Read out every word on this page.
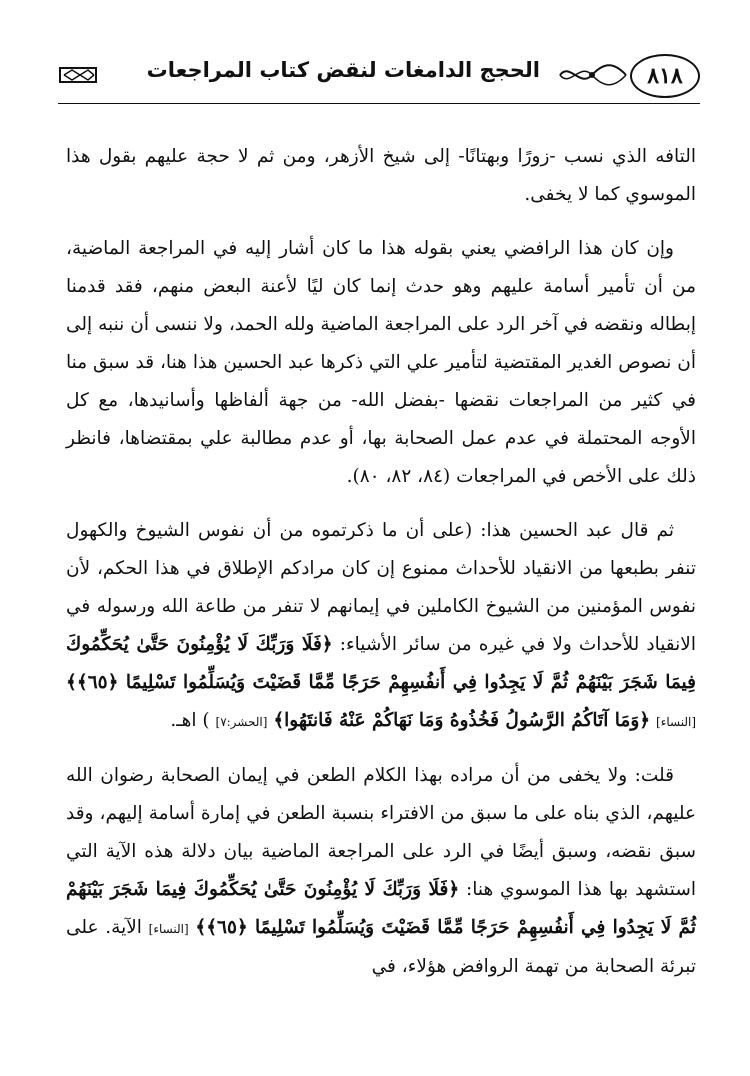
٨١٨
الحجج الدامغات لنقض كتاب المراجعات

التافه الذي نسب -زورًا وبهتانًا- إلى شيخ الأزهر، ومن ثم لا حجة عليهم بقول هذا الموسوي كما لا يخفى.

وإن كان هذا الرافضي يعني بقوله هذا ما كان أشار إليه في المراجعة الماضية، من أن تأمير أسامة عليهم وهو حدث إنما كان ليًا لأعنة البعض منهم، فقد قدمنا إبطاله ونقضه في آخر الرد على المراجعة الماضية ولله الحمد، ولا ننسى أن ننبه إلى أن نصوص الغدير المقتضية لتأمير علي التي ذكرها عبد الحسين هذا هنا، قد سبق منا في كثير من المراجعات نقضها -بفضل الله- من جهة ألفاظها وأسانيدها، مع كل الأوجه المحتملة في عدم عمل الصحابة بها، أو عدم مطالبة علي بمقتضاها، فانظر ذلك على الأخص في المراجعات (٨٤، ٨٢، ٨٠).

ثم قال عبد الحسين هذا: (على أن ما ذكرتموه من أن نفوس الشيوخ والكهول تنفر بطبعها من الانقياد للأحداث ممنوع إن كان مرادكم الإطلاق في هذا الحكم، لأن نفوس المؤمنين من الشيوخ الكاملين في إيمانهم لا تنفر من طاعة الله ورسوله في الانقياد للأحداث ولا في غيره من سائر الأشياء: ﴿فَلَا وَرَبِّكَ لَا يُؤْمِنُونَ حَتَّىٰ يُحَكِّمُوكَ فِيمَا شَجَرَ بَيْنَهُمْ ثُمَّ لَا يَجِدُوا فِي أَنفُسِهِمْ حَرَجًا مِّمَّا قَضَيْتَ وَيُسَلِّمُوا تَسْلِيمًا ﴿٦٥﴾﴾ [النساء] ﴿وَمَا آتَاكُمُ الرَّسُولُ فَخُذُوهُ وَمَا نَهَاكُمْ عَنْهُ فَانتَهُوا﴾ [الحشر:٧] ) اهـ.

قلت: ولا يخفى من أن مراده بهذا الكلام الطعن في إيمان الصحابة رضوان الله عليهم، الذي بناه على ما سبق من الافتراء بنسبة الطعن في إمارة أسامة إليهم، وقد سبق نقضه، وسبق أيضًا في الرد على المراجعة الماضية بيان دلالة هذه الآية التي استشهد بها هذا الموسوي هنا: ﴿فَلَا وَرَبِّكَ لَا يُؤْمِنُونَ حَتَّىٰ يُحَكِّمُوكَ فِيمَا شَجَرَ بَيْنَهُمْ ثُمَّ لَا يَجِدُوا فِي أَنفُسِهِمْ حَرَجًا مِّمَّا قَضَيْتَ وَيُسَلِّمُوا تَسْلِيمًا ﴿٦٥﴾﴾ [النساء] الآية. على تبرئة الصحابة من تهمة الروافض هؤلاء، في
